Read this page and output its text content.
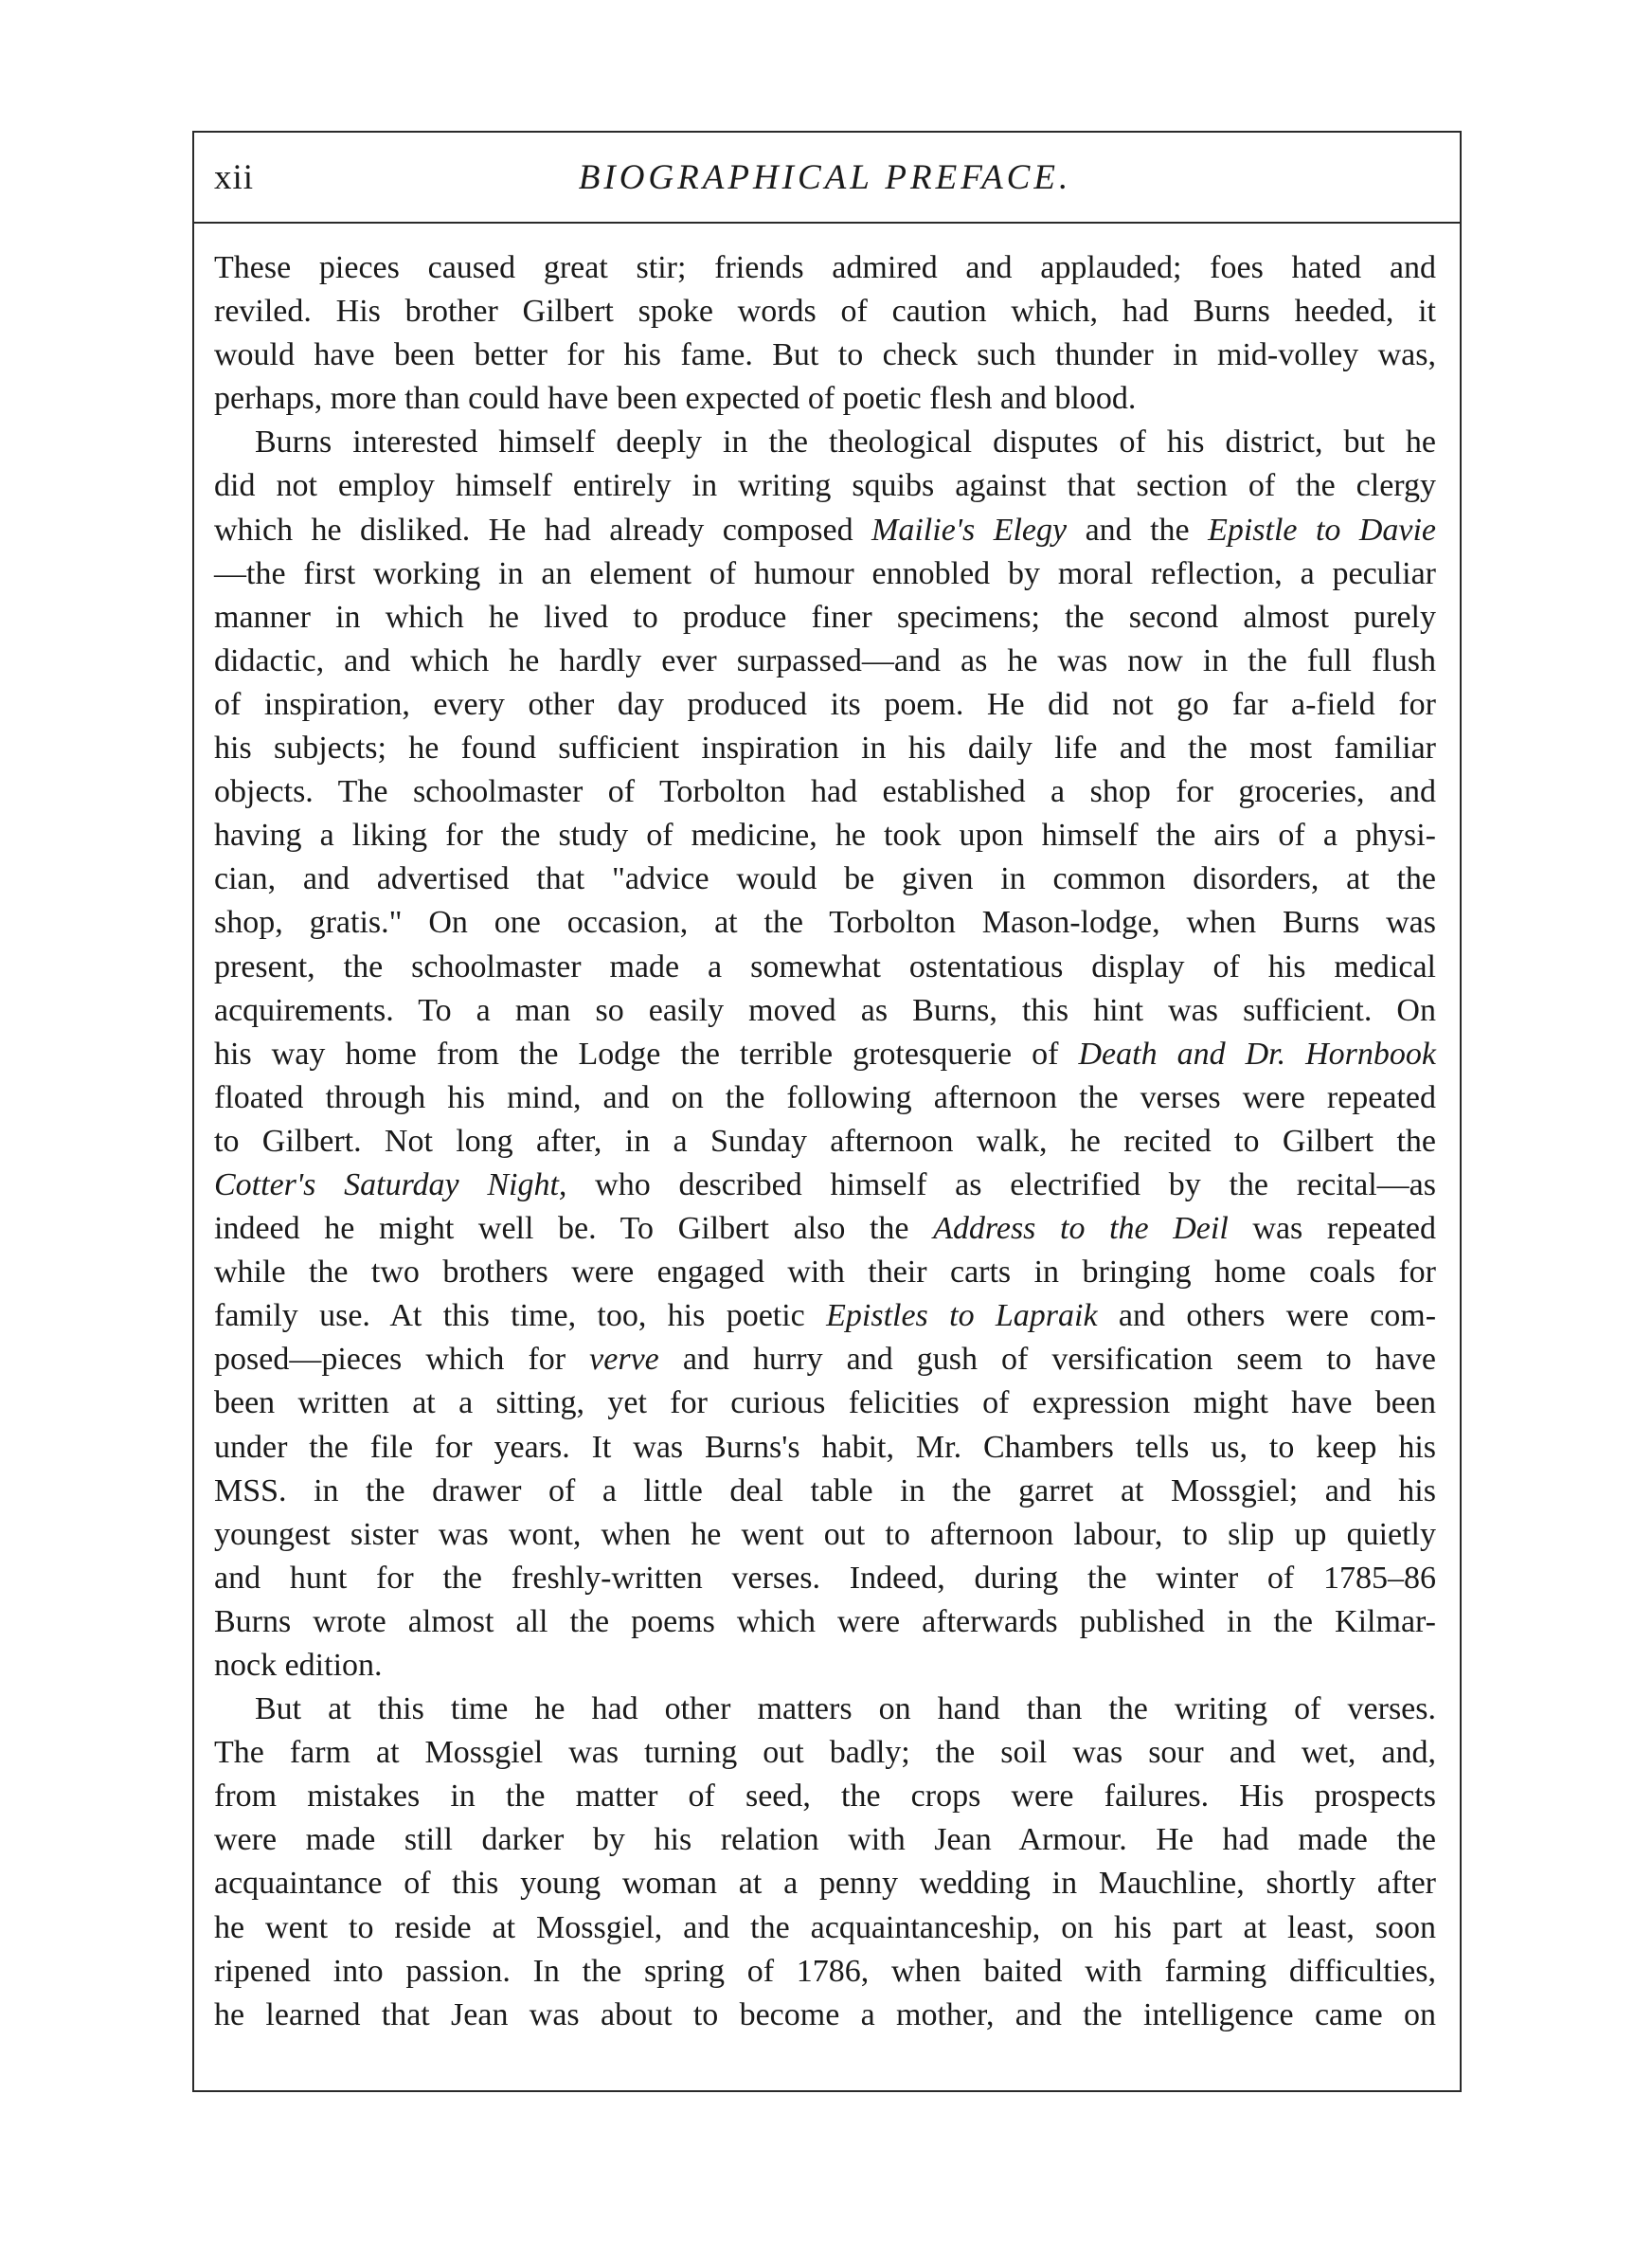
BIOGRAPHICAL PREFACE.
xii
These pieces caused great stir; friends admired and applauded; foes hated and
reviled. His brother Gilbert spoke words of caution which, had Burns heeded, it
would have been better for his fame. But to check such thunder in mid-volley was,
perhaps, more than could have been expected of poetic flesh and blood.
Burns interested himself deeply in the theological disputes of his district, but he
did not employ himself entirely in writing squibs against that section of the clergy
which he disliked. He had already composed Mailie's Elegy and the Epistle to Davie
—the first working in an element of humour ennobled by moral reflection, a peculiar
manner in which he lived to produce finer specimens; the second almost purely
didactic, and which he hardly ever surpassed—and as he was now in the full flush
of inspiration, every other day produced its poem. He did not go far a-field for
his subjects; he found sufficient inspiration in his daily life and the most familiar
objects. The schoolmaster of Torbolton had established a shop for groceries, and
having a liking for the study of medicine, he took upon himself the airs of a physi-
cian, and advertised that "advice would be given in common disorders, at the
shop, gratis." On one occasion, at the Torbolton Mason-lodge, when Burns was
present, the schoolmaster made a somewhat ostentatious display of his medical
acquirements. To a man so easily moved as Burns, this hint was sufficient. On
his way home from the Lodge the terrible grotesquerie of Death and Dr. Hornbook
floated through his mind, and on the following afternoon the verses were repeated
to Gilbert. Not long after, in a Sunday afternoon walk, he recited to Gilbert the
Cotter's Saturday Night, who described himself as electrified by the recital—as
indeed he might well be. To Gilbert also the Address to the Deil was repeated
while the two brothers were engaged with their carts in bringing home coals for
family use. At this time, too, his poetic Epistles to Lapraik and others were com-
posed—pieces which for verve and hurry and gush of versification seem to have
been written at a sitting, yet for curious felicities of expression might have been
under the file for years. It was Burns's habit, Mr. Chambers tells us, to keep his
MSS. in the drawer of a little deal table in the garret at Mossgiel; and his
youngest sister was wont, when he went out to afternoon labour, to slip up quietly
and hunt for the freshly-written verses. Indeed, during the winter of 1785–86
Burns wrote almost all the poems which were afterwards published in the Kilmar-
nock edition.
But at this time he had other matters on hand than the writing of verses.
The farm at Mossgiel was turning out badly; the soil was sour and wet, and,
from mistakes in the matter of seed, the crops were failures. His prospects
were made still darker by his relation with Jean Armour. He had made the
acquaintance of this young woman at a penny wedding in Mauchline, shortly after
he went to reside at Mossgiel, and the acquaintanceship, on his part at least, soon
ripened into passion. In the spring of 1786, when baited with farming difficulties,
he learned that Jean was about to become a mother, and the intelligence came on
